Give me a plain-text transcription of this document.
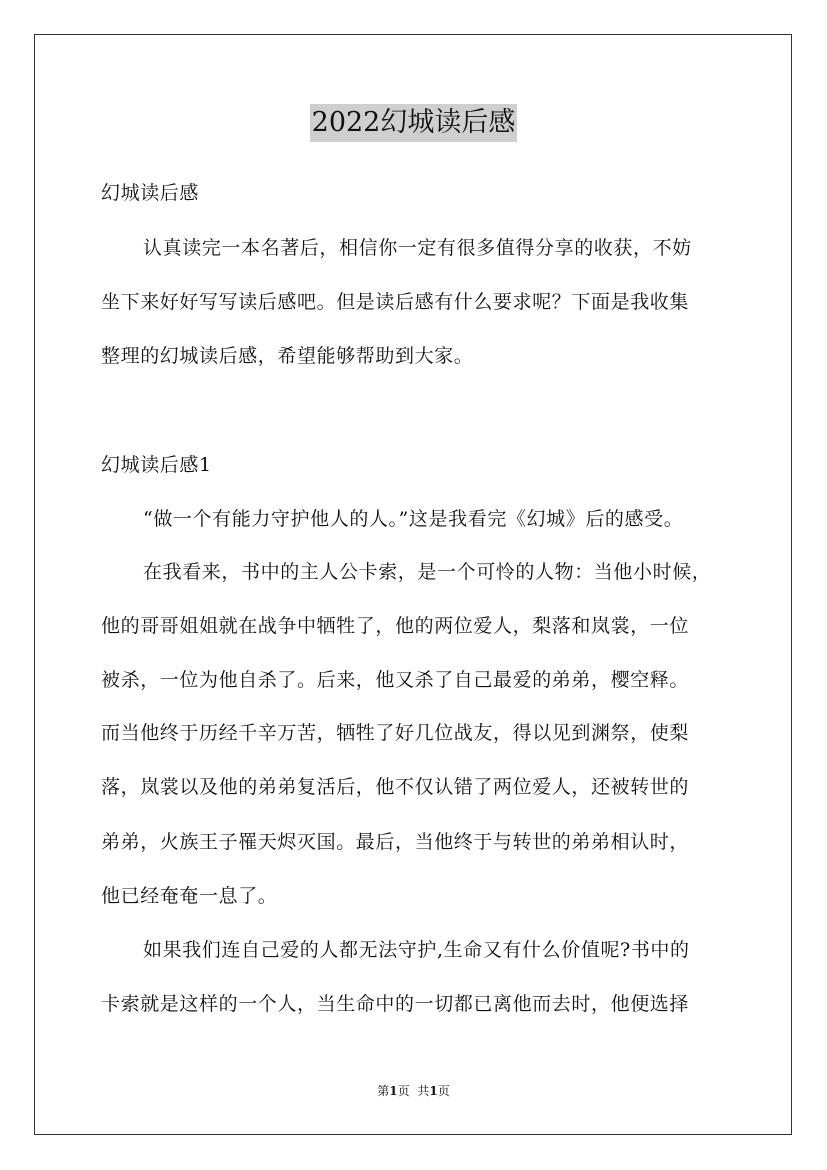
2022幻城读后感
幻城读后感
认真读完一本名著后，相信你一定有很多值得分享的收获，不妨
坐下来好好写写读后感吧。但是读后感有什么要求呢？下面是我收集
整理的幻城读后感，希望能够帮助到大家。
幻城读后感1
“做一个有能力守护他人的人。”这是我看完《幻城》后的感受。
在我看来，书中的主人公卡索，是一个可怜的人物：当他小时候，
他的哥哥姐姐就在战争中牺牲了，他的两位爱人，梨落和岚裳，一位
被杀，一位为他自杀了。后来，他又杀了自己最爱的弟弟，樱空释。
而当他终于历经千辛万苦，牺牲了好几位战友，得以见到渊祭，使梨
落，岚裳以及他的弟弟复活后，他不仅认错了两位爱人，还被转世的
弟弟，火族王子罹天烬灭国。最后，当他终于与转世的弟弟相认时，
他已经奄奄一息了。
如果我们连自己爱的人都无法守护,生命又有什么价值呢?书中的
卡索就是这样的一个人，当生命中的一切都已离他而去时，他便选择
第1页 共1页
